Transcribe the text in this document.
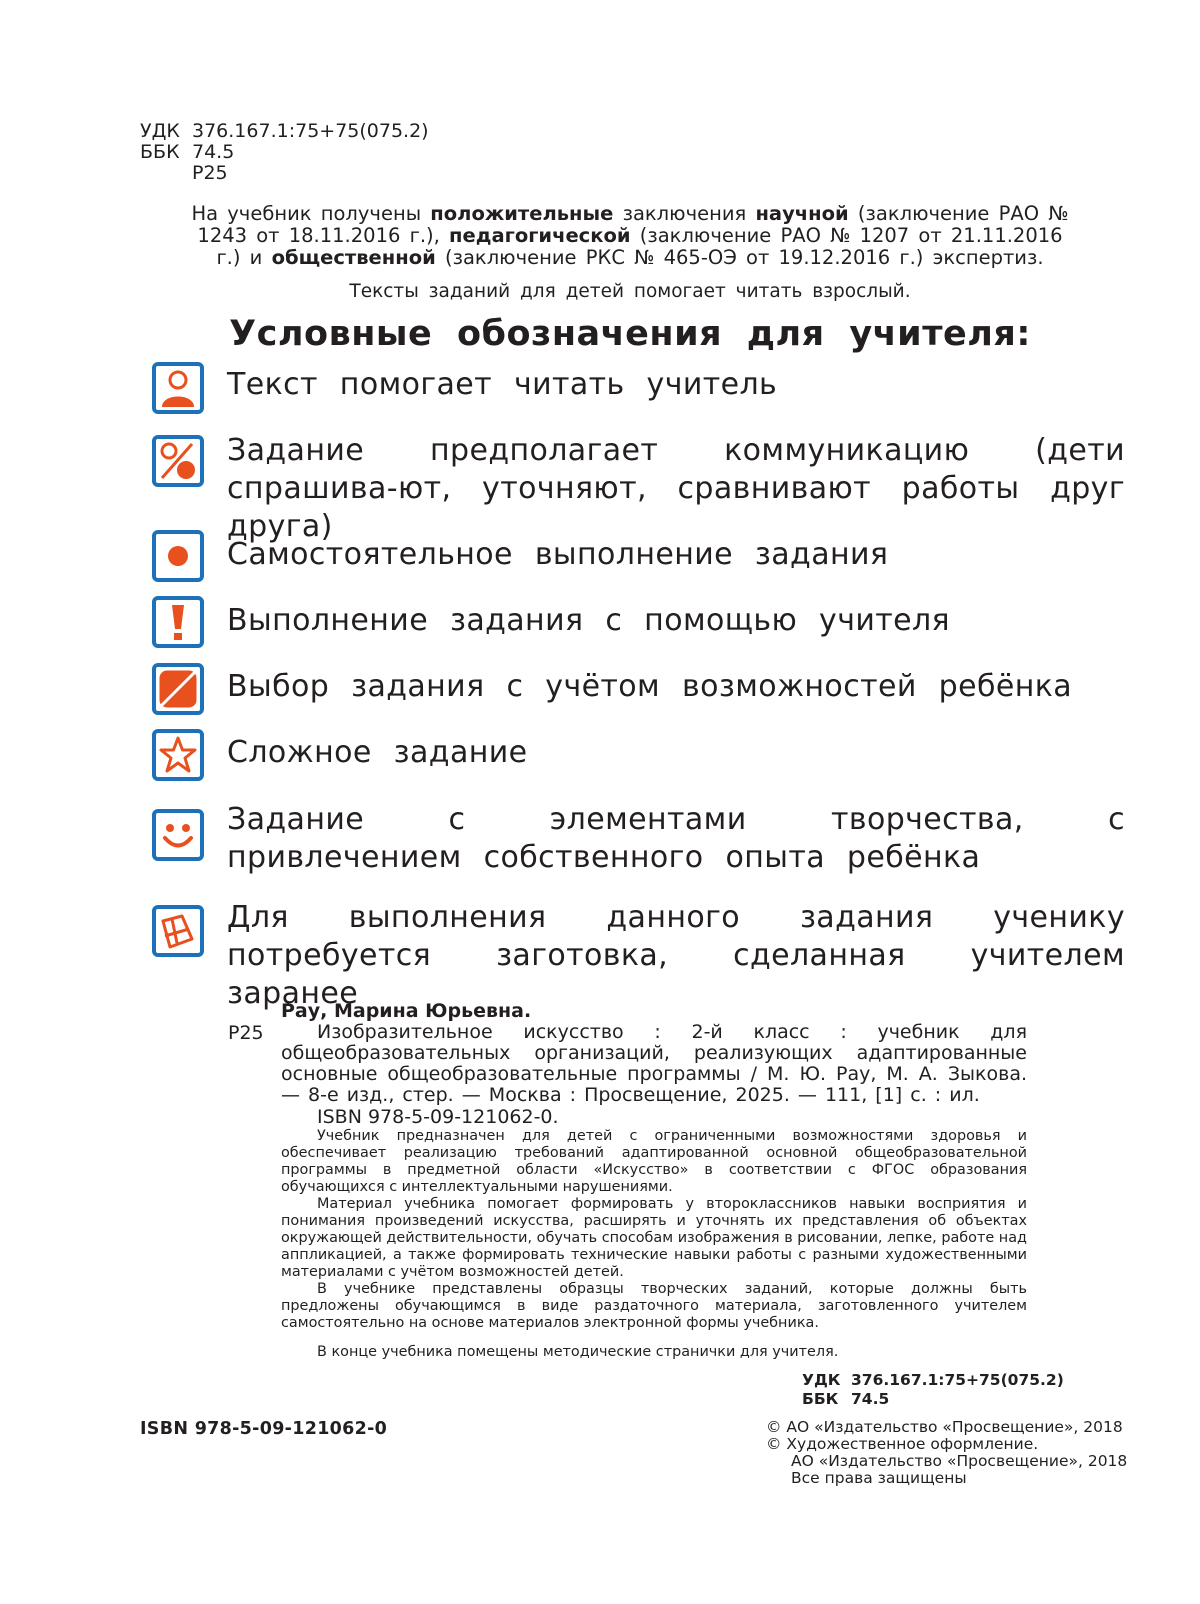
УДК 376.167.1:75+75(075.2)
ББК 74.5
Р25
На учебник получены положительные заключения научной (заключение РАО № 1243 от 18.11.2016 г.), педагогической (заключение РАО № 1207 от 21.11.2016 г.) и общественной (заключение РКС № 465-ОЭ от 19.12.2016 г.) экспертиз.
Тексты заданий для детей помогает читать взрослый.
Условные обозначения для учителя:
Текст помогает читать учитель
Задание предполагает коммуникацию (дети спрашива-ют, уточняют, сравнивают работы друг друга)
Самостоятельное выполнение задания
Выполнение задания с помощью учителя
Выбор задания с учётом возможностей ребёнка
Сложное задание
Задание с элементами творчества, с привлечением собственного опыта ребёнка
Для выполнения данного задания ученику потребуется заготовка, сделанная учителем заранее
Рау, Марина Юрьевна.
Р25	Изобразительное искусство : 2-й класс : учебник для общеобразовательных организаций, реализующих адаптированные основные общеобразовательные программы / М. Ю. Рау, М. А. Зыкова. — 8-е изд., стер. — Москва : Просвещение, 2025. — 111, [1] с. : ил.
ISBN 978-5-09-121062-0.
Учебник предназначен для детей с ограниченными возможностями здоровья и обеспечивает реализацию требований адаптированной основной общеобразовательной программы в предметной области «Искусство» в соответствии с ФГОС образования обучающихся с интеллектуальными нарушениями.
Материал учебника помогает формировать у второклассников навыки восприятия и понимания произведений искусства, расширять и уточнять их представления об объектах окружающей действительности, обучать способам изображения в рисовании, лепке, работе над аппликацией, а также формировать технические навыки работы с разными художественными материалами с учётом возможностей детей.
В учебнике представлены образцы творческих заданий, которые должны быть предложены обучающимся в виде раздаточного материала, заготовленного учителем самостоятельно на основе материалов электронной формы учебника.
В конце учебника помещены методические странички для учителя.
УДК 376.167.1:75+75(075.2)
ББК 74.5
ISBN 978-5-09-121062-0	© АО «Издательство «Просвещение», 2018
© Художественное оформление.
АО «Издательство «Просвещение», 2018
Все права защищены
